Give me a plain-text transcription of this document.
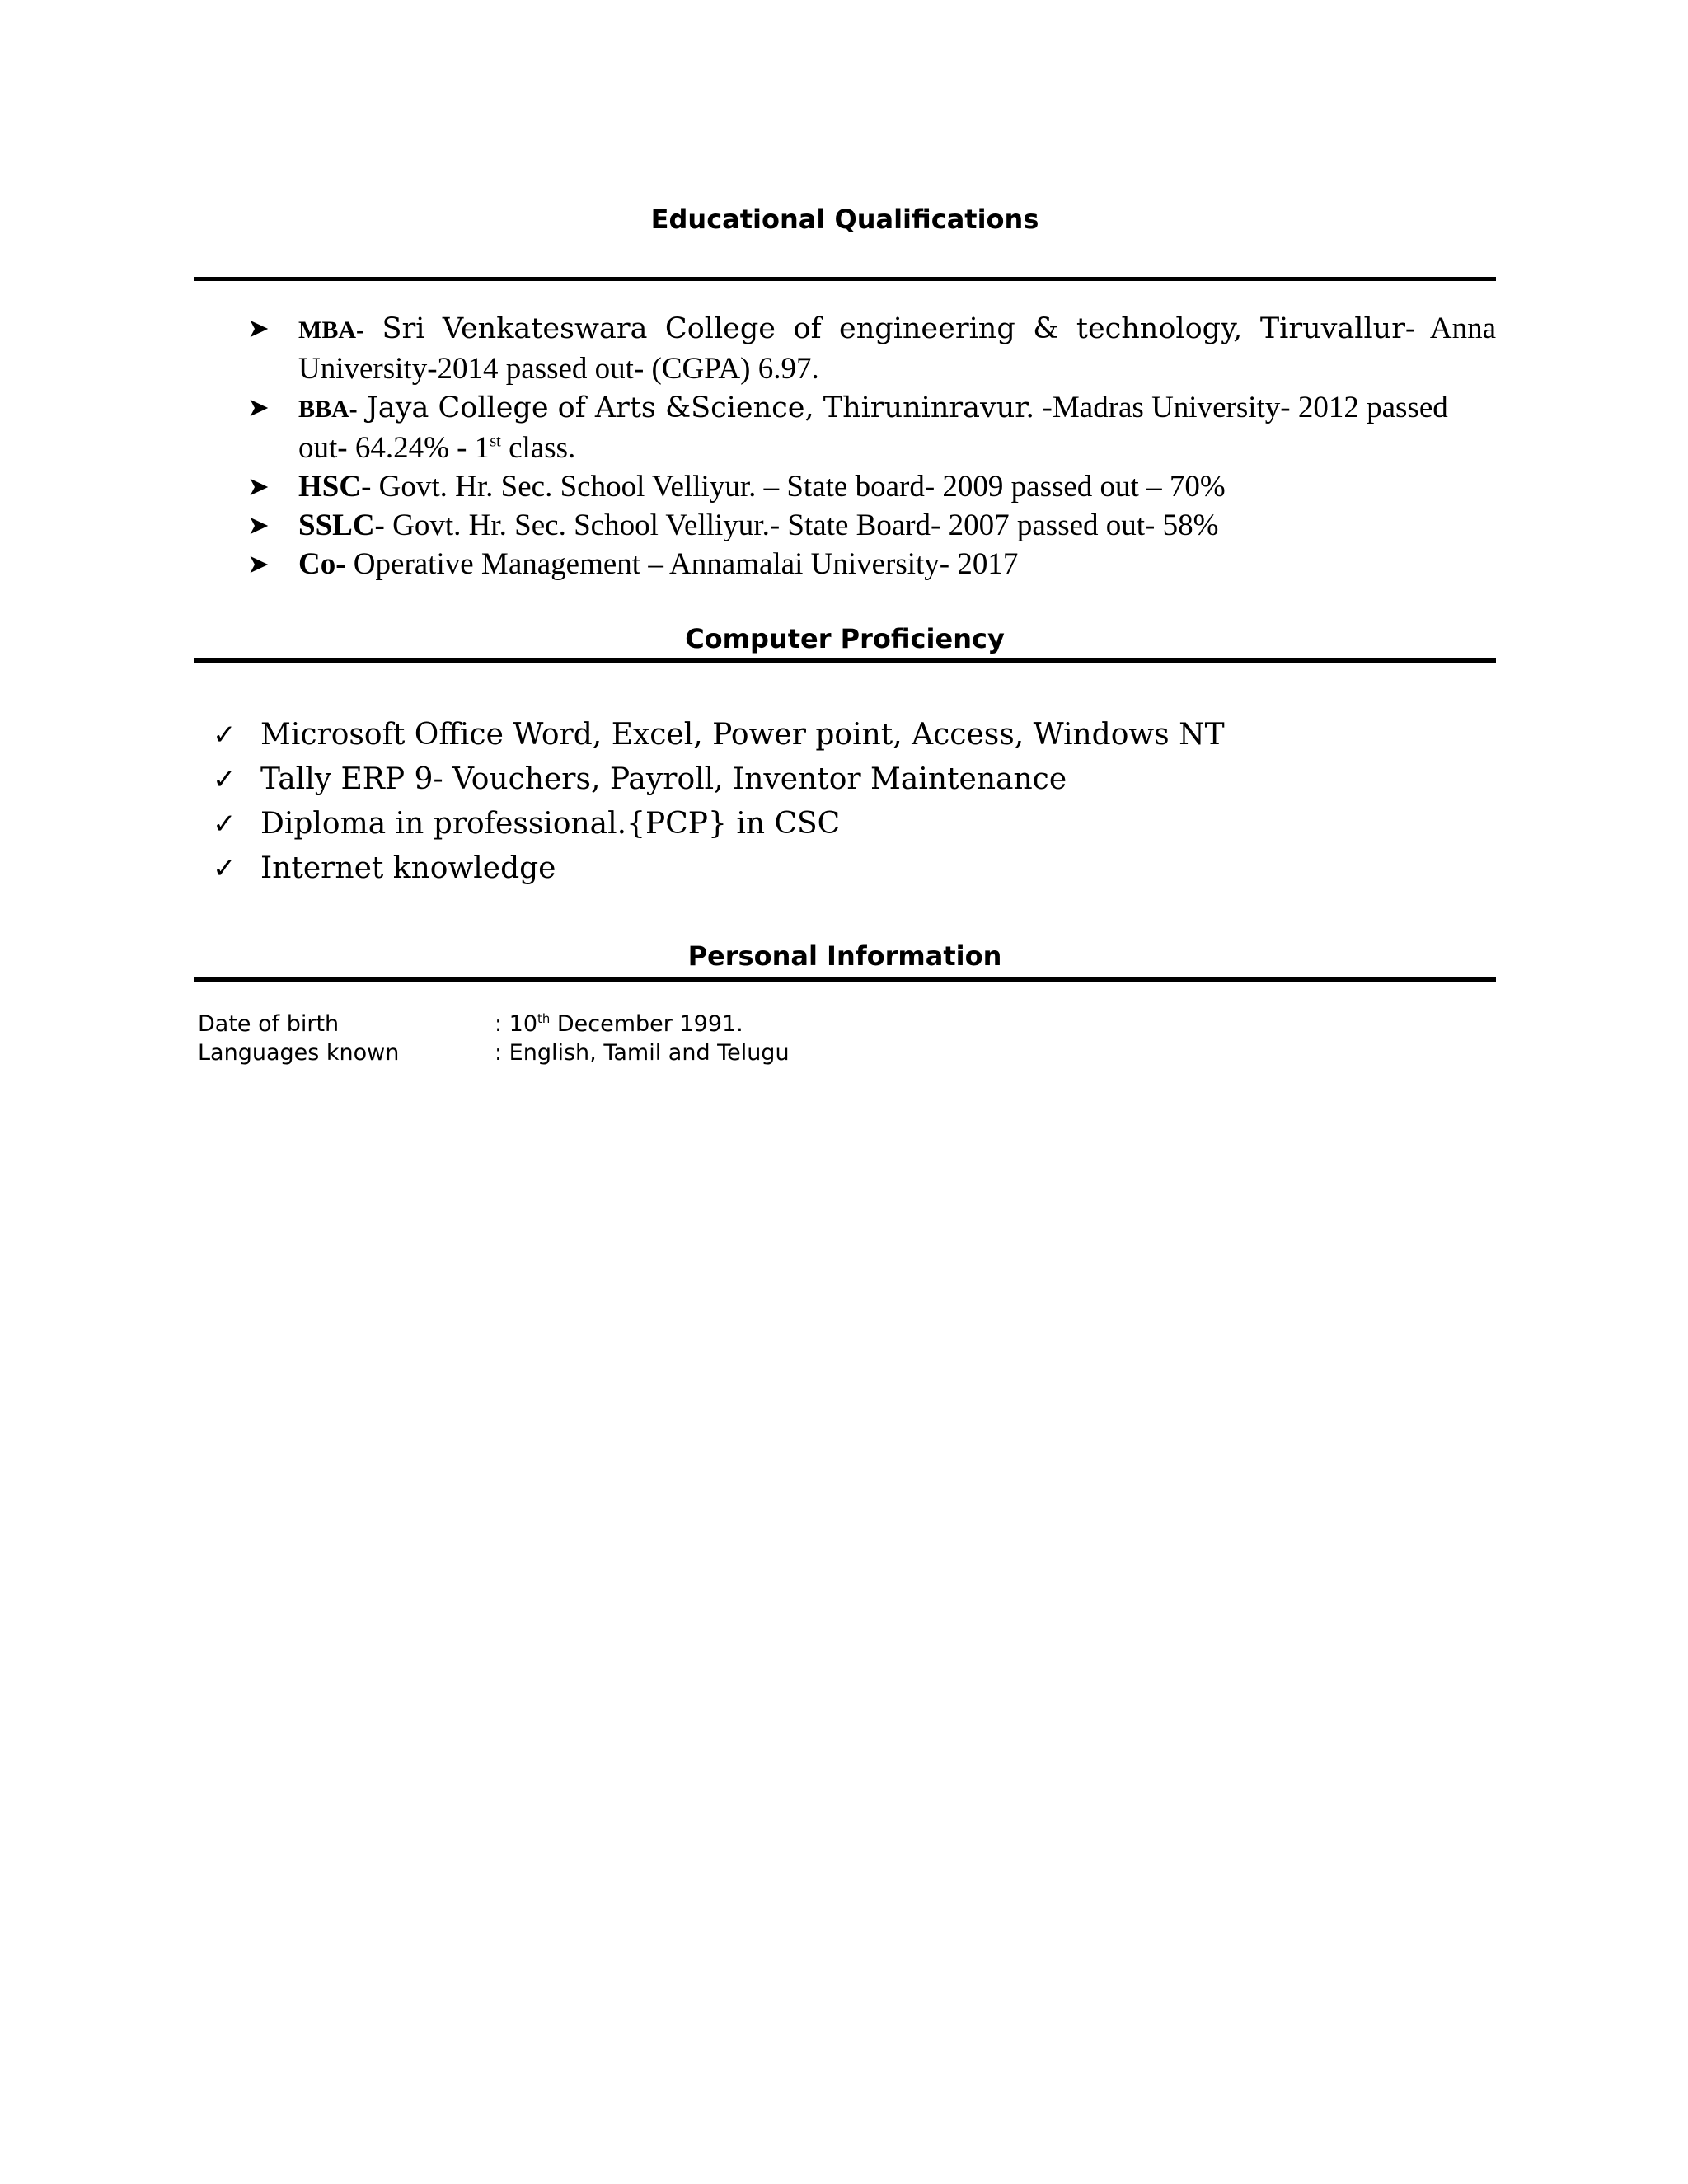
Educational Qualifications
➤ MBA- Sri Venkateswara College of engineering & technology, Tiruvallur- Anna University-2014 passed out- (CGPA) 6.97.
➤ BBA- Jaya College of Arts &Science, Thiruninravur. -Madras University- 2012 passed out- 64.24% - 1st class.
➤ HSC- Govt. Hr. Sec. School Velliyur. – State board- 2009 passed out – 70%
➤ SSLC- Govt. Hr. Sec. School Velliyur.- State Board- 2007 passed out- 58%
➤ Co- Operative Management – Annamalai University- 2017
Computer Proficiency
✓ Microsoft Office Word, Excel, Power point, Access, Windows NT
✓ Tally ERP 9- Vouchers, Payroll, Inventor Maintenance
✓ Diploma in professional.{PCP} in CSC
✓ Internet knowledge
Personal Information
Date of birth	: 10th December 1991.
Languages known	: English, Tamil and Telugu
